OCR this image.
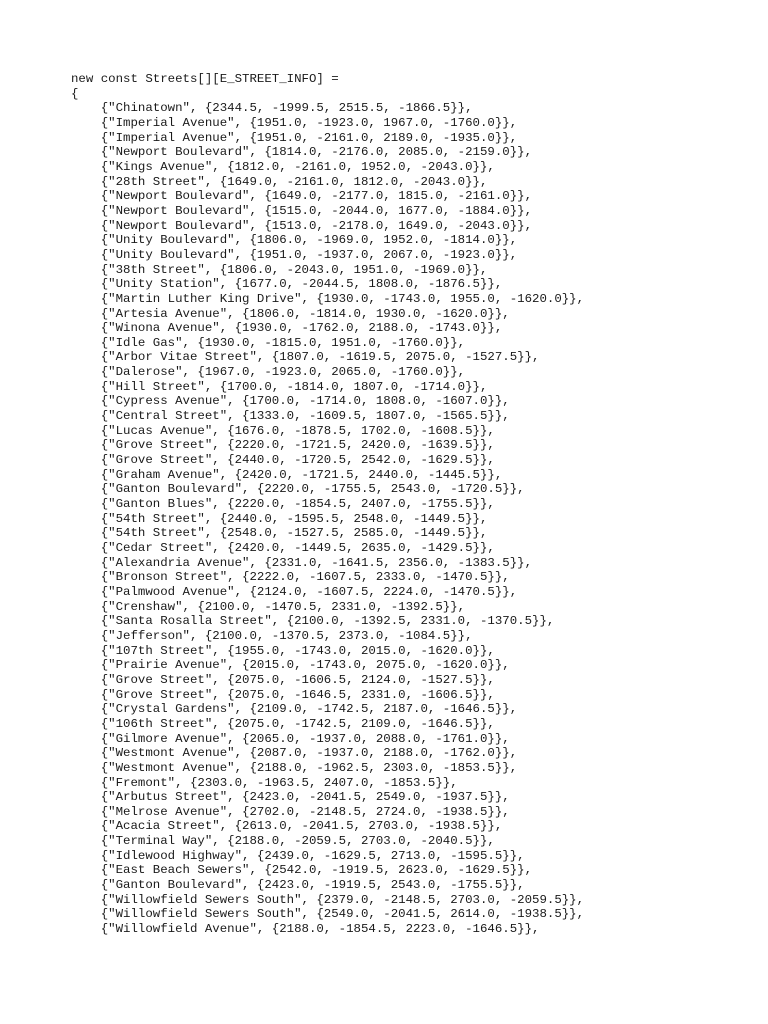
new const Streets[][E_STREET_INFO] =
{
{"Chinatown", {2344.5, -1999.5, 2515.5, -1866.5}},
{"Imperial Avenue", {1951.0, -1923.0, 1967.0, -1760.0}},
{"Imperial Avenue", {1951.0, -2161.0, 2189.0, -1935.0}},
{"Newport Boulevard", {1814.0, -2176.0, 2085.0, -2159.0}},
{"Kings Avenue", {1812.0, -2161.0, 1952.0, -2043.0}},
{"28th Street", {1649.0, -2161.0, 1812.0, -2043.0}},
{"Newport Boulevard", {1649.0, -2177.0, 1815.0, -2161.0}},
{"Newport Boulevard", {1515.0, -2044.0, 1677.0, -1884.0}},
{"Newport Boulevard", {1513.0, -2178.0, 1649.0, -2043.0}},
{"Unity Boulevard", {1806.0, -1969.0, 1952.0, -1814.0}},
{"Unity Boulevard", {1951.0, -1937.0, 2067.0, -1923.0}},
{"38th Street", {1806.0, -2043.0, 1951.0, -1969.0}},
{"Unity Station", {1677.0, -2044.5, 1808.0, -1876.5}},
{"Martin Luther King Drive", {1930.0, -1743.0, 1955.0, -1620.0}},
{"Artesia Avenue", {1806.0, -1814.0, 1930.0, -1620.0}},
{"Winona Avenue", {1930.0, -1762.0, 2188.0, -1743.0}},
{"Idle Gas", {1930.0, -1815.0, 1951.0, -1760.0}},
{"Arbor Vitae Street", {1807.0, -1619.5, 2075.0, -1527.5}},
{"Dalerose", {1967.0, -1923.0, 2065.0, -1760.0}},
{"Hill Street", {1700.0, -1814.0, 1807.0, -1714.0}},
{"Cypress Avenue", {1700.0, -1714.0, 1808.0, -1607.0}},
{"Central Street", {1333.0, -1609.5, 1807.0, -1565.5}},
{"Lucas Avenue", {1676.0, -1878.5, 1702.0, -1608.5}},
{"Grove Street", {2220.0, -1721.5, 2420.0, -1639.5}},
{"Grove Street", {2440.0, -1720.5, 2542.0, -1629.5}},
{"Graham Avenue", {2420.0, -1721.5, 2440.0, -1445.5}},
{"Ganton Boulevard", {2220.0, -1755.5, 2543.0, -1720.5}},
{"Ganton Blues", {2220.0, -1854.5, 2407.0, -1755.5}},
{"54th Street", {2440.0, -1595.5, 2548.0, -1449.5}},
{"54th Street", {2548.0, -1527.5, 2585.0, -1449.5}},
{"Cedar Street", {2420.0, -1449.5, 2635.0, -1429.5}},
{"Alexandria Avenue", {2331.0, -1641.5, 2356.0, -1383.5}},
{"Bronson Street", {2222.0, -1607.5, 2333.0, -1470.5}},
{"Palmwood Avenue", {2124.0, -1607.5, 2224.0, -1470.5}},
{"Crenshaw", {2100.0, -1470.5, 2331.0, -1392.5}},
{"Santa Rosalla Street", {2100.0, -1392.5, 2331.0, -1370.5}},
{"Jefferson", {2100.0, -1370.5, 2373.0, -1084.5}},
{"107th Street", {1955.0, -1743.0, 2015.0, -1620.0}},
{"Prairie Avenue", {2015.0, -1743.0, 2075.0, -1620.0}},
{"Grove Street", {2075.0, -1606.5, 2124.0, -1527.5}},
{"Grove Street", {2075.0, -1646.5, 2331.0, -1606.5}},
{"Crystal Gardens", {2109.0, -1742.5, 2187.0, -1646.5}},
{"106th Street", {2075.0, -1742.5, 2109.0, -1646.5}},
{"Gilmore Avenue", {2065.0, -1937.0, 2088.0, -1761.0}},
{"Westmont Avenue", {2087.0, -1937.0, 2188.0, -1762.0}},
{"Westmont Avenue", {2188.0, -1962.5, 2303.0, -1853.5}},
{"Fremont", {2303.0, -1963.5, 2407.0, -1853.5}},
{"Arbutus Street", {2423.0, -2041.5, 2549.0, -1937.5}},
{"Melrose Avenue", {2702.0, -2148.5, 2724.0, -1938.5}},
{"Acacia Street", {2613.0, -2041.5, 2703.0, -1938.5}},
{"Terminal Way", {2188.0, -2059.5, 2703.0, -2040.5}},
{"Idlewood Highway", {2439.0, -1629.5, 2713.0, -1595.5}},
{"East Beach Sewers", {2542.0, -1919.5, 2623.0, -1629.5}},
{"Ganton Boulevard", {2423.0, -1919.5, 2543.0, -1755.5}},
{"Willowfield Sewers South", {2379.0, -2148.5, 2703.0, -2059.5}},
{"Willowfield Sewers South", {2549.0, -2041.5, 2614.0, -1938.5}},
{"Willowfield Avenue", {2188.0, -1854.5, 2223.0, -1646.5}},
